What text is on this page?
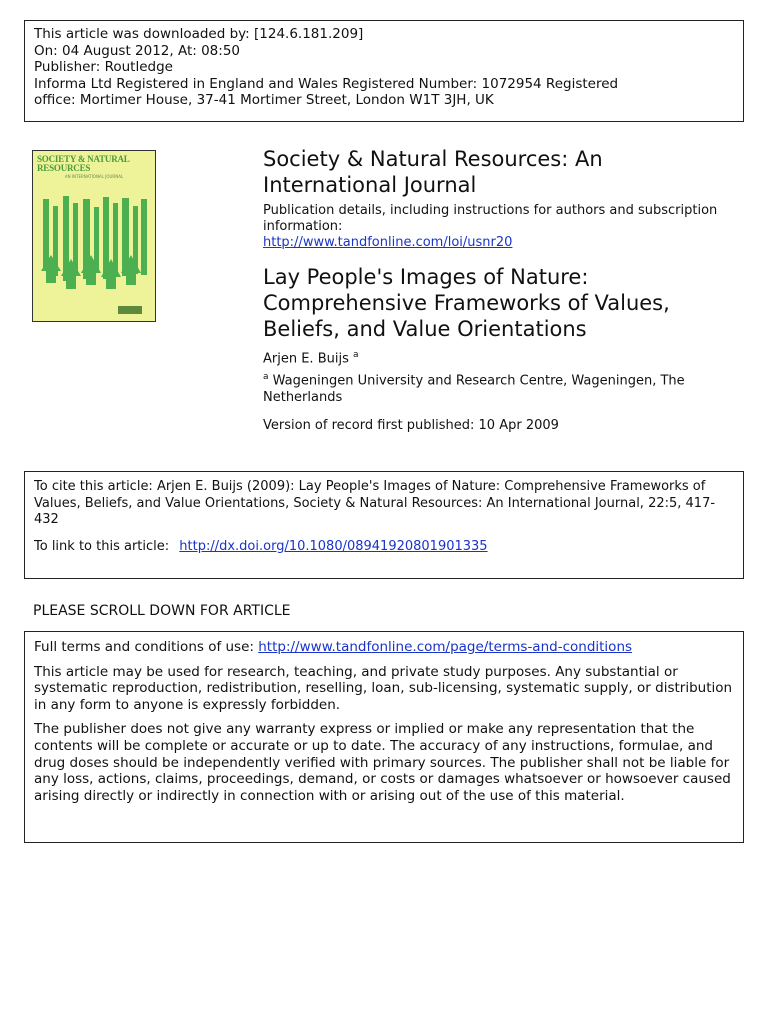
This article was downloaded by: [124.6.181.209]
On: 04 August 2012, At: 08:50
Publisher: Routledge
Informa Ltd Registered in England and Wales Registered Number: 1072954 Registered
office: Mortimer House, 37-41 Mortimer Street, London W1T 3JH, UK
SOCIETY & NATURAL RESOURCES
AN INTERNATIONAL JOURNAL
Society & Natural Resources: An International Journal
Publication details, including instructions for authors and subscription information:
http://www.tandfonline.com/loi/usnr20
Lay People's Images of Nature: Comprehensive Frameworks of Values, Beliefs, and Value Orientations
Arjen E. Buijs $^a$
$^a$ Wageningen University and Research Centre, Wageningen, The Netherlands
Version of record first published: 10 Apr 2009
To cite this article: Arjen E. Buijs (2009): Lay People's Images of Nature: Comprehensive Frameworks of Values, Beliefs, and Value Orientations, Society & Natural Resources: An International Journal, 22:5, 417-432
To link to this article: http://dx.doi.org/10.1080/08941920801901335
PLEASE SCROLL DOWN FOR ARTICLE

Full terms and conditions of use: http://www.tandfonline.com/page/terms-and-conditions

This article may be used for research, teaching, and private study purposes. Any substantial or systematic reproduction, redistribution, reselling, loan, sub-licensing, systematic supply, or distribution in any form to anyone is expressly forbidden.

The publisher does not give any warranty express or implied or make any representation that the contents will be complete or accurate or up to date. The accuracy of any instructions, formulae, and drug doses should be independently verified with primary sources. The publisher shall not be liable for any loss, actions, claims, proceedings, demand, or costs or damages whatsoever or howsoever caused arising directly or indirectly in connection with or arising out of the use of this material.
